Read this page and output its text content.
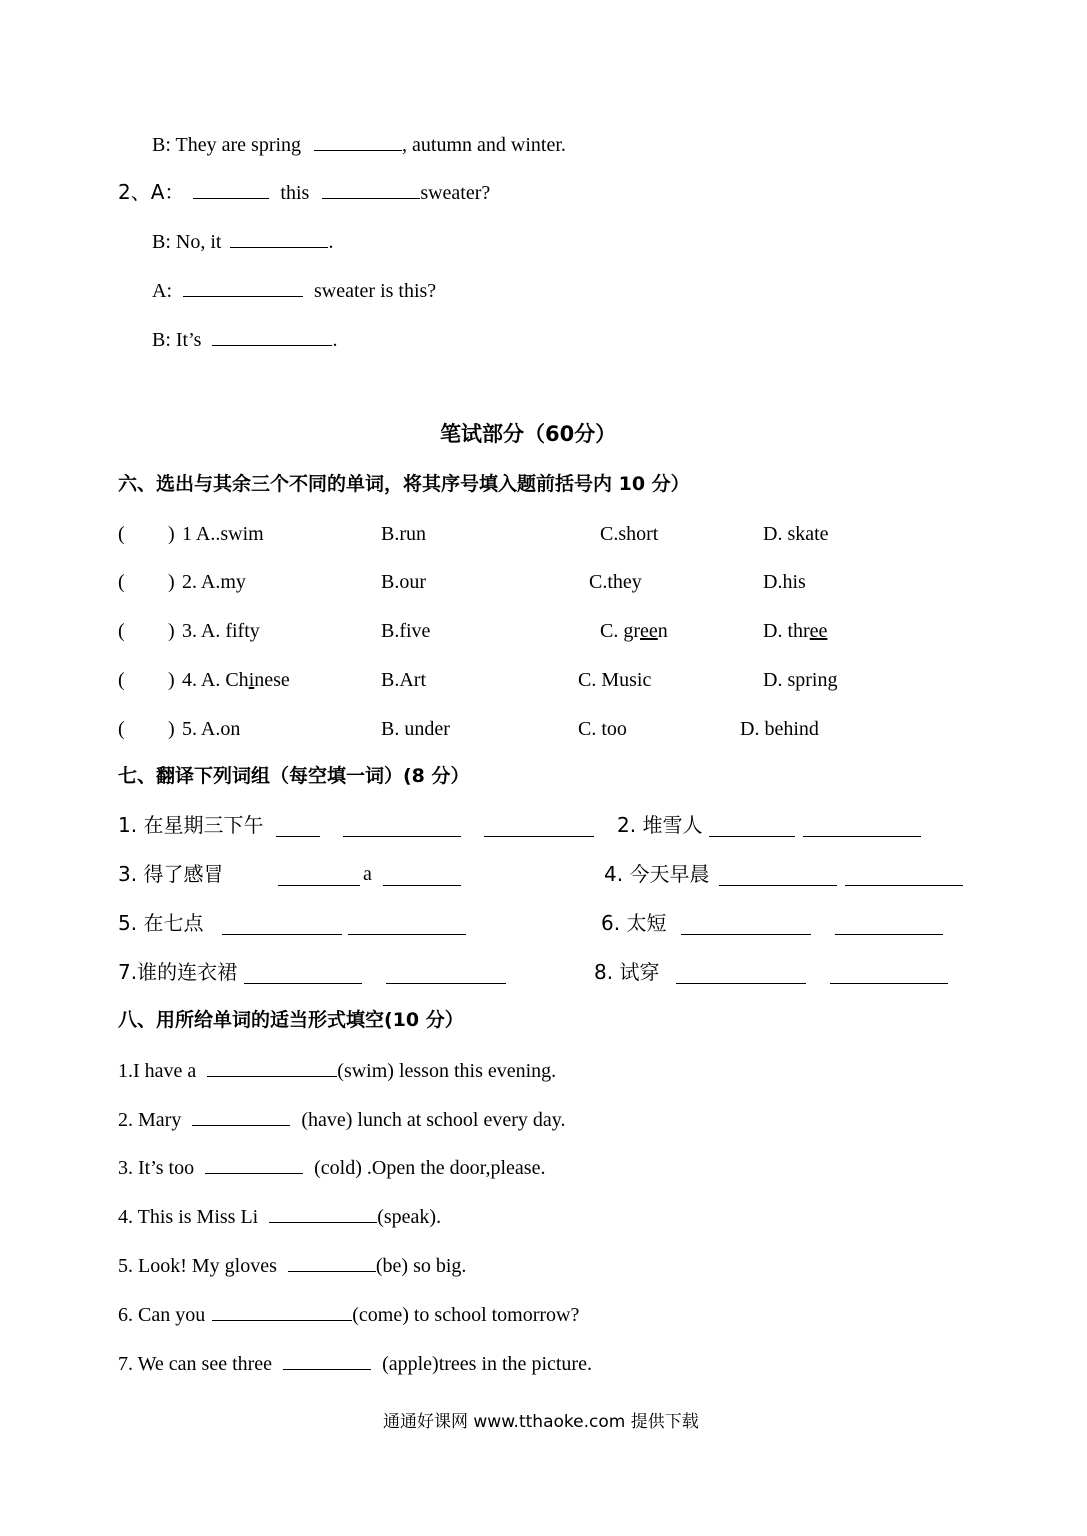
B: They are spring	, autumn and winter.
2、A：	this	sweater?
B: No, it	.
A:	sweater is this?
B: It’s	.
笔试部分（60分）
六、选出与其余三个不同的单词，将其序号填入题前括号内 10 分）
( ) 1 A..swim	B.run	C.short	D. skate
( ) 2. A.my	B.our	C.they	D.his
( ) 3. A. fifty	B.five	C. green	D. three
( ) 4. A. Chinese	B.Art	C. Music	D. spring
( ) 5. A.on	B. under	C. too	D. behind
七、翻译下列词组（每空填一词）(8 分）
1. 在星期三下午	2. 堆雪人
3. 得了感冒	a	4. 今天早晨
5. 在七点	6. 太短
7.谁的连衣裙	8. 试穿
八、用所给单词的适当形式填空(10 分）
1.I have a	(swim) lesson this evening.
2. Mary	(have) lunch at school every day.
3. It’s too	(cold) .Open the door,please.
4. This is Miss Li	(speak).
5. Look! My gloves	(be) so big.
6. Can you	(come) to school tomorrow?
7. We can see three	(apple)trees in the picture.
通通好课网 www.tthaoke.com 提供下载
